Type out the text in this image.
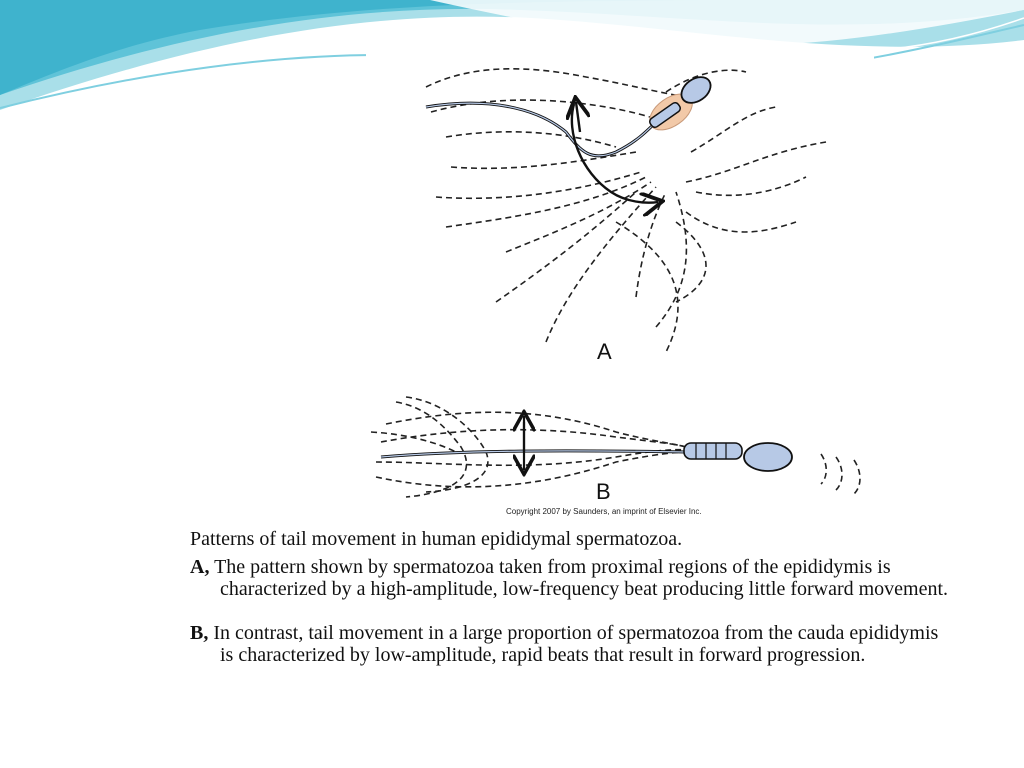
A
B
Copyright 2007 by Saunders, an imprint of Elsevier Inc.

Patterns of tail movement in human epididymal spermatozoa.

A, The pattern shown by spermatozoa taken from proximal regions of the epididymis is characterized by a high-amplitude, low-frequency beat producing little forward movement.

B, In contrast, tail movement in a large proportion of spermatozoa from the cauda epididymis is characterized by low-amplitude, rapid beats that result in forward progression.
